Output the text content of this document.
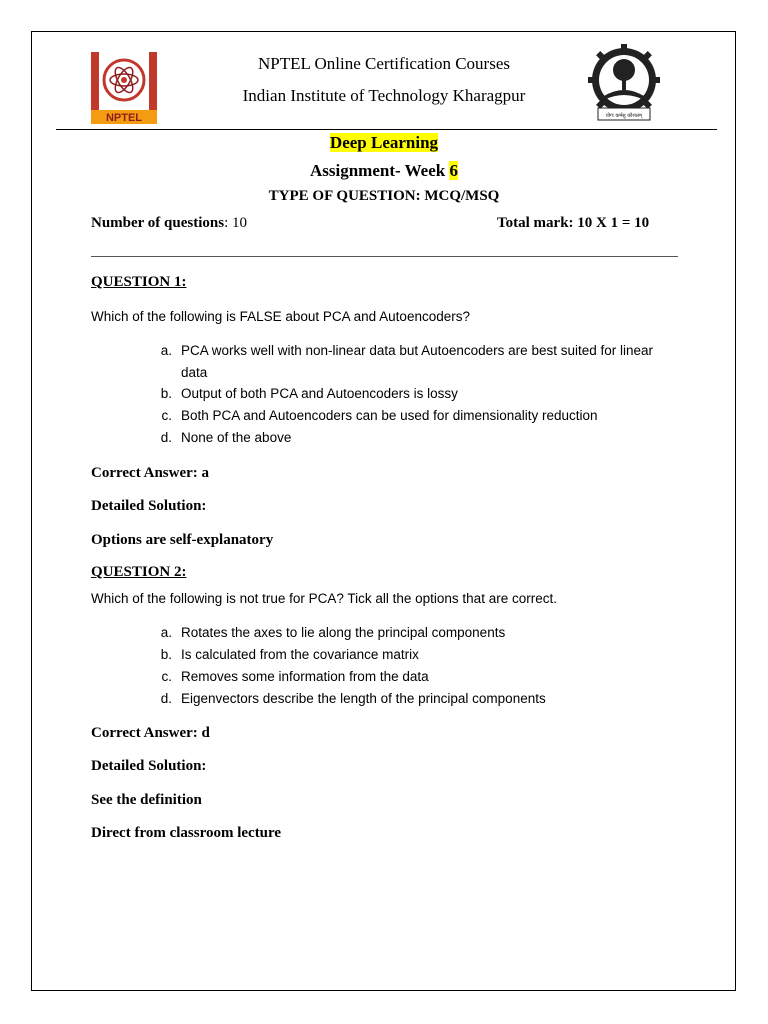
NPTEL	योगः कर्मसु कौशलम्
NPTEL Online Certification Courses
Indian Institute of Technology Kharagpur
Deep Learning
Assignment- Week 6
TYPE OF QUESTION: MCQ/MSQ
Number of questions: 10	Total mark: 10 X 1 = 10
QUESTION 1:
Which of the following is FALSE about PCA and Autoencoders?
a. PCA works well with non-linear data but Autoencoders are best suited for linear
data
b. Output of both PCA and Autoencoders is lossy
c. Both PCA and Autoencoders can be used for dimensionality reduction
d. None of the above
Correct Answer: a
Detailed Solution:
Options are self-explanatory
QUESTION 2:
Which of the following is not true for PCA? Tick all the options that are correct.
a. Rotates the axes to lie along the principal components
b. Is calculated from the covariance matrix
c. Removes some information from the data
d. Eigenvectors describe the length of the principal components
Correct Answer: d
Detailed Solution:
See the definition
Direct from classroom lecture
